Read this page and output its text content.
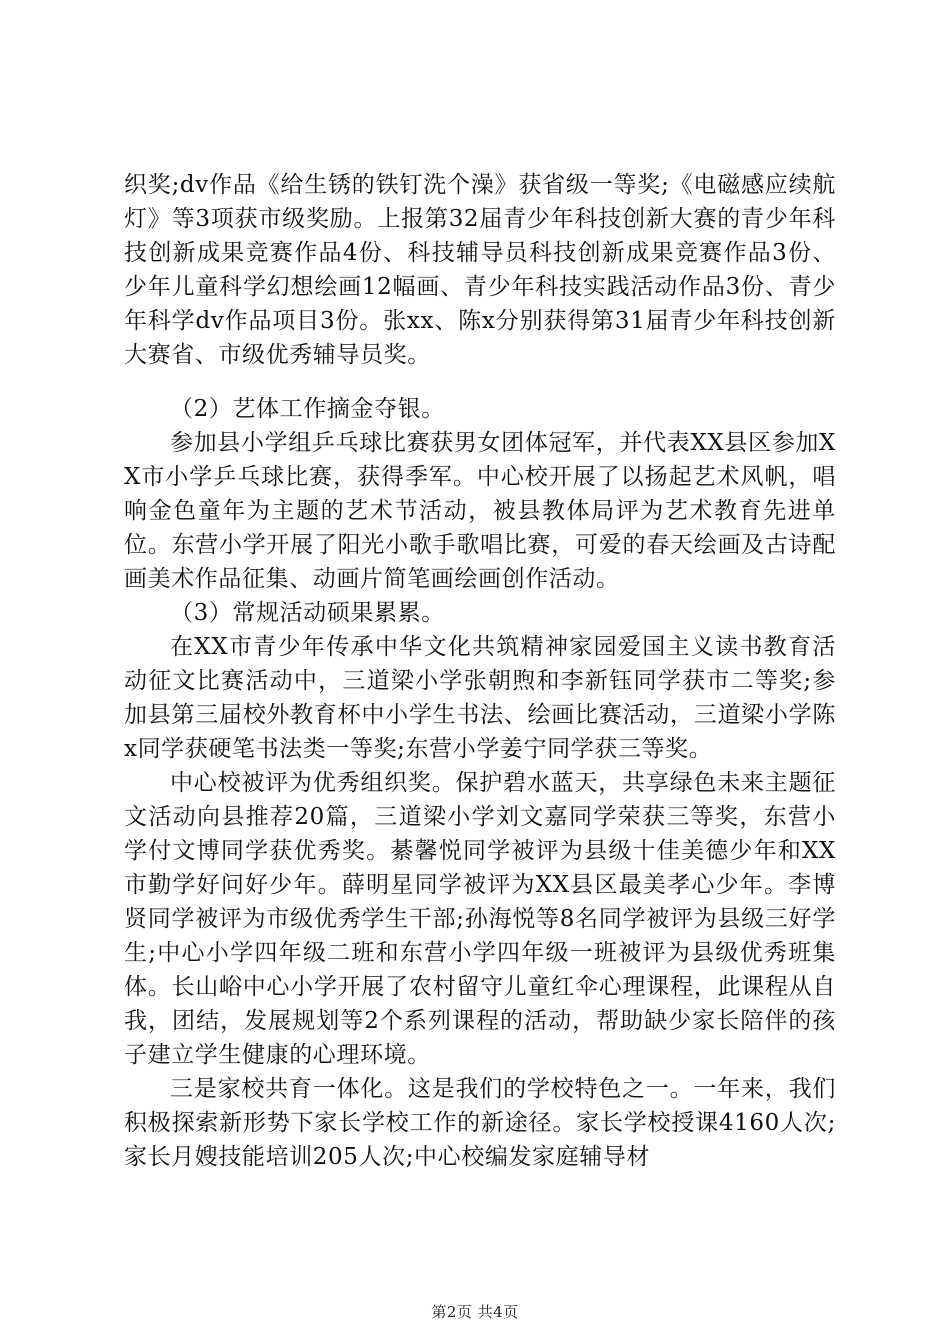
织奖;dv作品《给生锈的铁钉洗个澡》获省级一等奖;《电磁感应续航灯》等3项获市级奖励。上报第32届青少年科技创新大赛的青少年科技创新成果竞赛作品4份、科技辅导员科技创新成果竞赛作品3份、少年儿童科学幻想绘画12幅画、青少年科技实践活动作品3份、青少年科学dv作品项目3份。张xx、陈x分别获得第31届青少年科技创新大赛省、市级优秀辅导员奖。

（2）艺体工作摘金夺银。

参加县小学组乒乓球比赛获男女团体冠军，并代表XX县区参加XX市小学乒乓球比赛，获得季军。中心校开展了以扬起艺术风帆，唱响金色童年为主题的艺术节活动，被县教体局评为艺术教育先进单位。东营小学开展了阳光小歌手歌唱比赛，可爱的春天绘画及古诗配画美术作品征集、动画片简笔画绘画创作活动。

（3）常规活动硕果累累。

在XX市青少年传承中华文化共筑精神家园爱国主义读书教育活动征文比赛活动中，三道梁小学张朝煦和李新钰同学获市二等奖;参加县第三届校外教育杯中小学生书法、绘画比赛活动，三道梁小学陈x同学获硬笔书法类一等奖;东营小学姜宁同学获三等奖。

中心校被评为优秀组织奖。保护碧水蓝天，共享绿色未来主题征文活动向县推荐20篇，三道梁小学刘文嘉同学荣获三等奖，东营小学付文博同学获优秀奖。綦馨悦同学被评为县级十佳美德少年和XX市勤学好问好少年。薛明星同学被评为XX县区最美孝心少年。李博贤同学被评为市级优秀学生干部;孙海悦等8名同学被评为县级三好学生;中心小学四年级二班和东营小学四年级一班被评为县级优秀班集体。长山峪中心小学开展了农村留守儿童红伞心理课程，此课程从自我，团结，发展规划等2个系列课程的活动，帮助缺少家长陪伴的孩子建立学生健康的心理环境。

三是家校共育一体化。这是我们的学校特色之一。一年来，我们积极探索新形势下家长学校工作的新途径。家长学校授课4160人次;家长月嫂技能培训205人次;中心校编发家庭辅导材

第2页 共4页
